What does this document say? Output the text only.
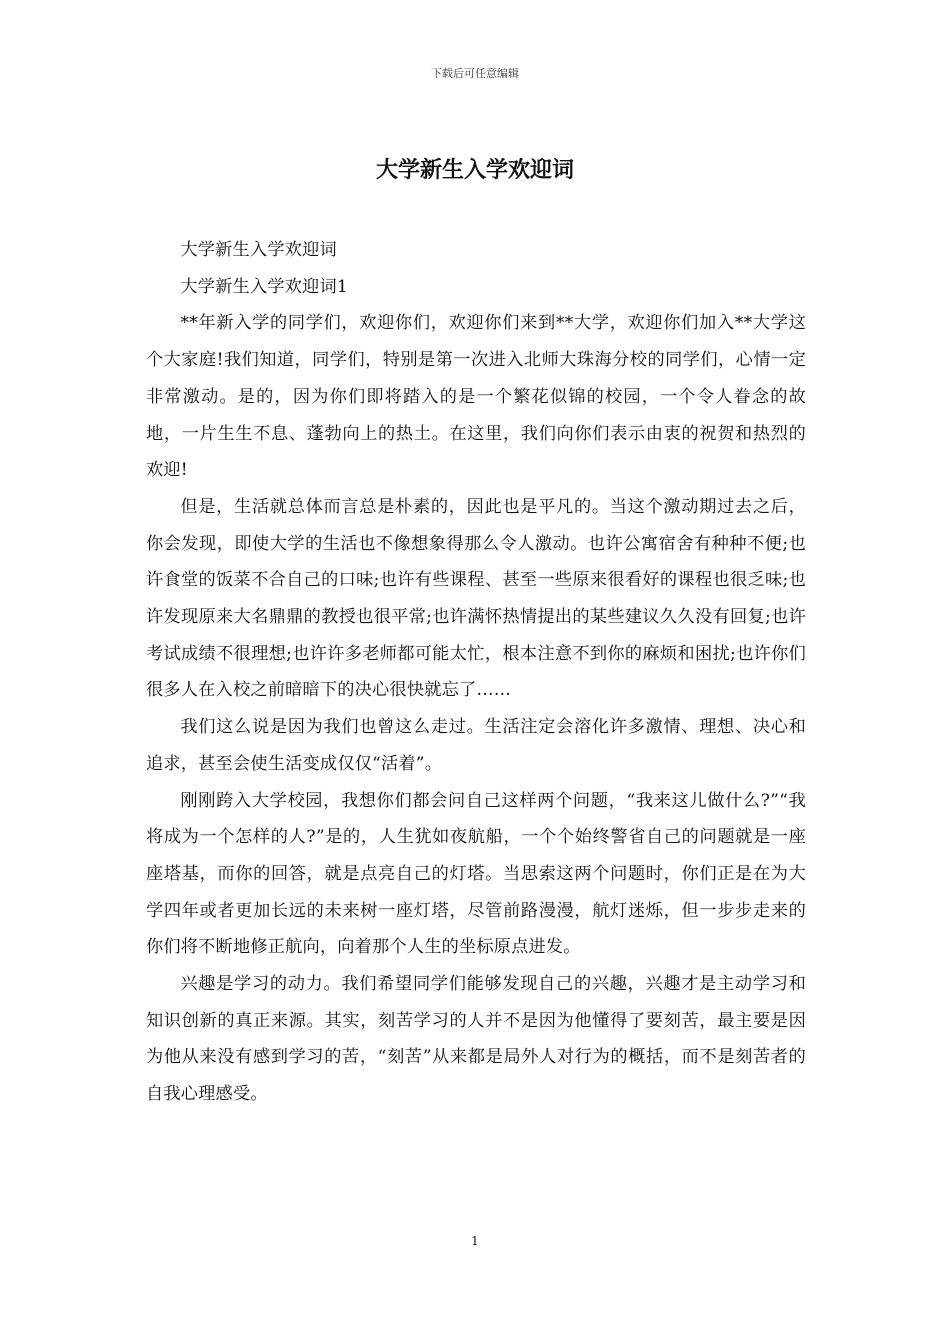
下载后可任意编辑
大学新生入学欢迎词

大学新生入学欢迎词

大学新生入学欢迎词1

**年新入学的同学们，欢迎你们，欢迎你们来到**大学，欢迎你们加入**大学这个大家庭!我们知道，同学们，特别是第一次进入北师大珠海分校的同学们，心情一定非常激动。是的，因为你们即将踏入的是一个繁花似锦的校园，一个令人眷念的故地，一片生生不息、蓬勃向上的热土。在这里，我们向你们表示由衷的祝贺和热烈的欢迎!

但是，生活就总体而言总是朴素的，因此也是平凡的。当这个激动期过去之后，你会发现，即使大学的生活也不像想象得那么令人激动。也许公寓宿舍有种种不便;也许食堂的饭菜不合自己的口味;也许有些课程、甚至一些原来很看好的课程也很乏味;也许发现原来大名鼎鼎的教授也很平常;也许满怀热情提出的某些建议久久没有回复;也许考试成绩不很理想;也许许多老师都可能太忙，根本注意不到你的麻烦和困扰;也许你们很多人在入校之前暗暗下的决心很快就忘了……

我们这么说是因为我们也曾这么走过。生活注定会溶化许多激情、理想、决心和追求，甚至会使生活变成仅仅“活着”。

刚刚跨入大学校园，我想你们都会问自己这样两个问题，“我来这儿做什么?”“我将成为一个怎样的人?”是的，人生犹如夜航船，一个个始终警省自己的问题就是一座座塔基，而你的回答，就是点亮自己的灯塔。当思索这两个问题时，你们正是在为大学四年或者更加长远的未来树一座灯塔，尽管前路漫漫，航灯迷烁，但一步步走来的你们将不断地修正航向，向着那个人生的坐标原点进发。

兴趣是学习的动力。我们希望同学们能够发现自己的兴趣，兴趣才是主动学习和知识创新的真正来源。其实，刻苦学习的人并不是因为他懂得了要刻苦，最主要是因为他从来没有感到学习的苦，“刻苦”从来都是局外人对行为的概括，而不是刻苦者的自我心理感受。

1
